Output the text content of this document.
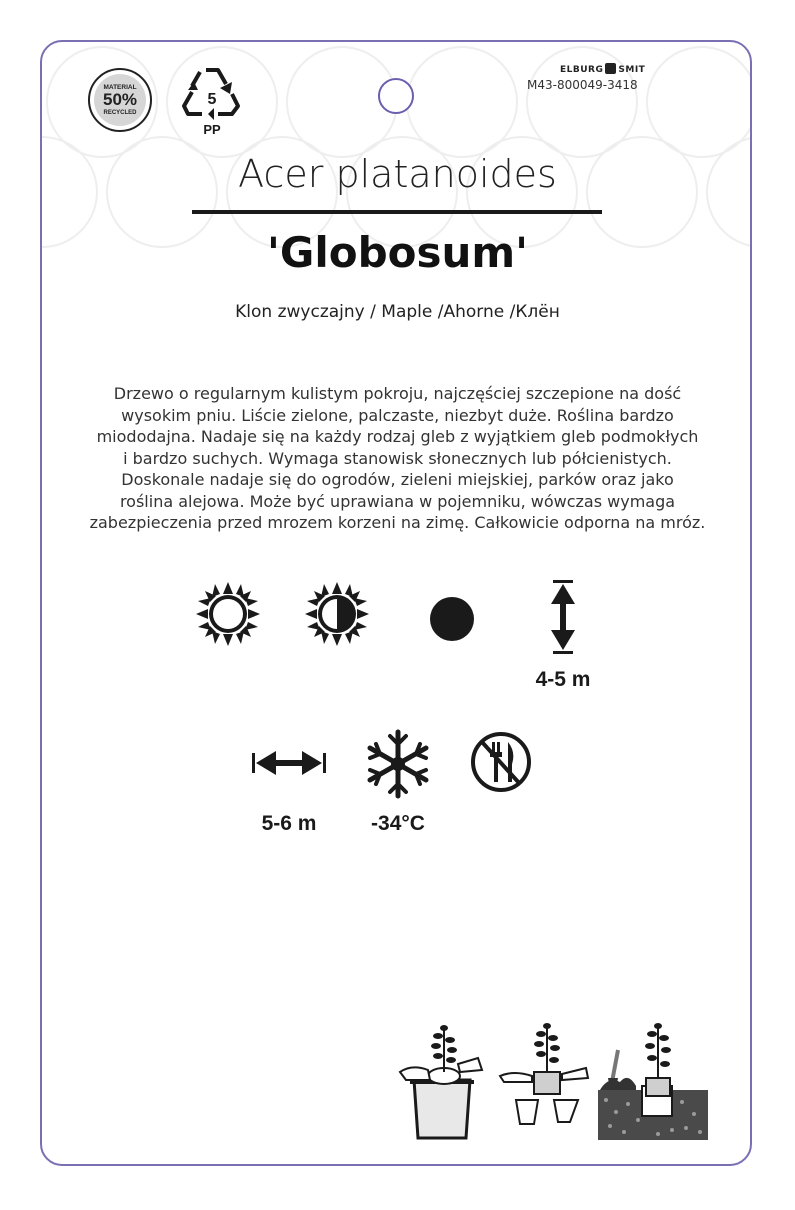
MATERIAL
50%
RECYCLED
5
PP
ELBURG SMIT
M43-800049-3418
Acer platanoides
'Globosum'
Klon zwyczajny / Maple /Ahorne /Клён
Drzewo o regularnym kulistym pokroju, najczęściej szczepione na dość
wysokim pniu. Liście zielone, palczaste, niezbyt duże. Roślina bardzo
miododajna. Nadaje się na każdy rodzaj gleb z wyjątkiem gleb podmokłych
i bardzo suchych. Wymaga stanowisk słonecznych lub półcienistych.
Doskonale nadaje się do ogrodów, zieleni miejskiej, parków oraz jako
roślina alejowa. Może być uprawiana w pojemniku, wówczas wymaga
zabezpieczenia przed mrozem korzeni na zimę. Całkowicie odporna na mróz.
4-5 m
5-6 m	-34°C
